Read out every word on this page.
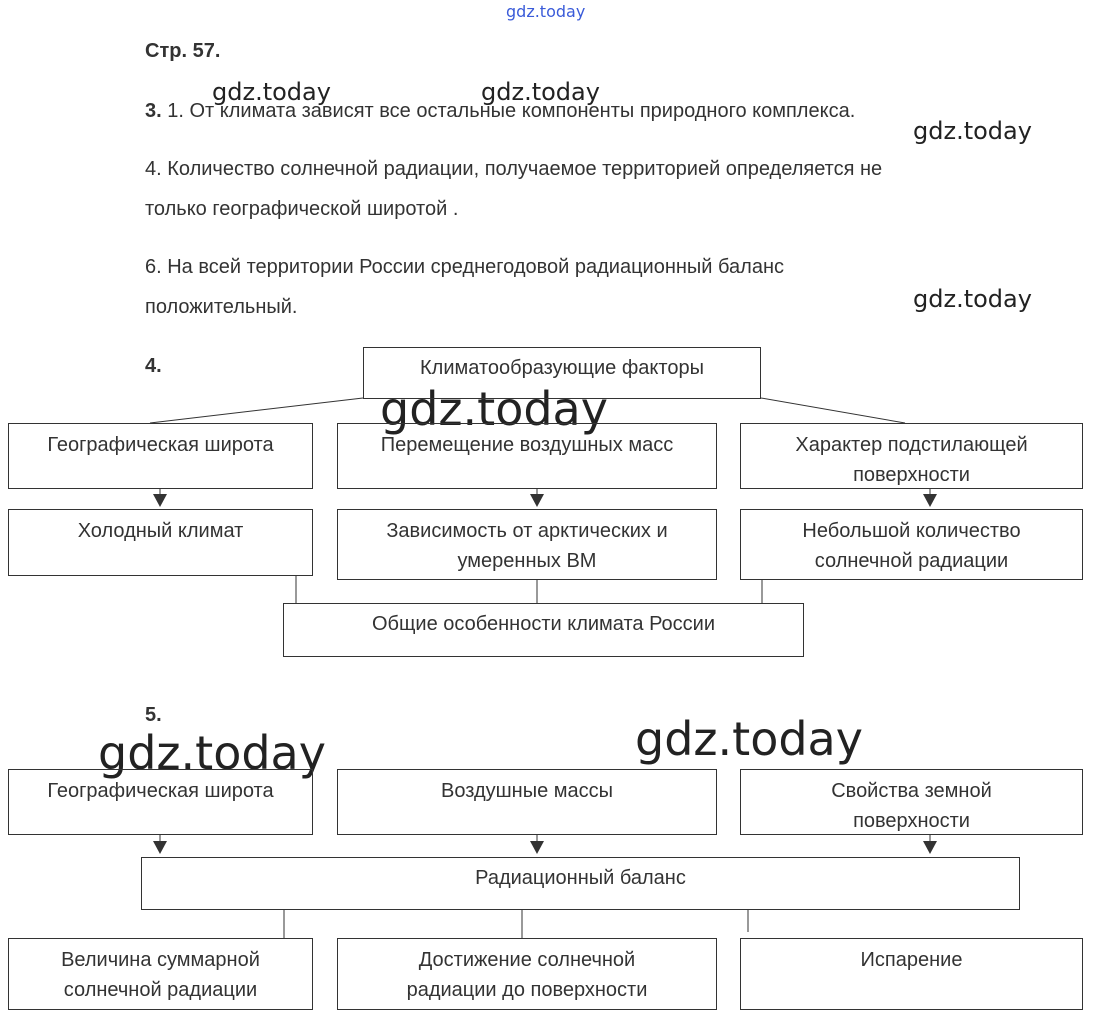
gdz.today
gdz.today	gdz.today
gdz.today
gdz.today
gdz.today
gdz.today	gdz.today
Стр. 57.
3. 1. От климата зависят все остальные компоненты природного комплекса.
4. Количество солнечной радиации, получаемое территорией определяется не
только географической широтой .
6. На всей территории России среднегодовой радиационный баланс
положительный.
4.	Климатообразующие факторы
Географическая широта	Перемещение воздушных масс	Характер подстилающей поверхности
Холодный климат	Зависимость от арктических и умеренных ВМ
Небольшой количество солнечной радиации
Общие особенности климата России
5.
Географическая широта	Воздушные массы	Свойства земной поверхности
Радиационный баланс
Величина суммарной солнечной радиации
Достижение солнечной радиации до поверхности
Испарение
